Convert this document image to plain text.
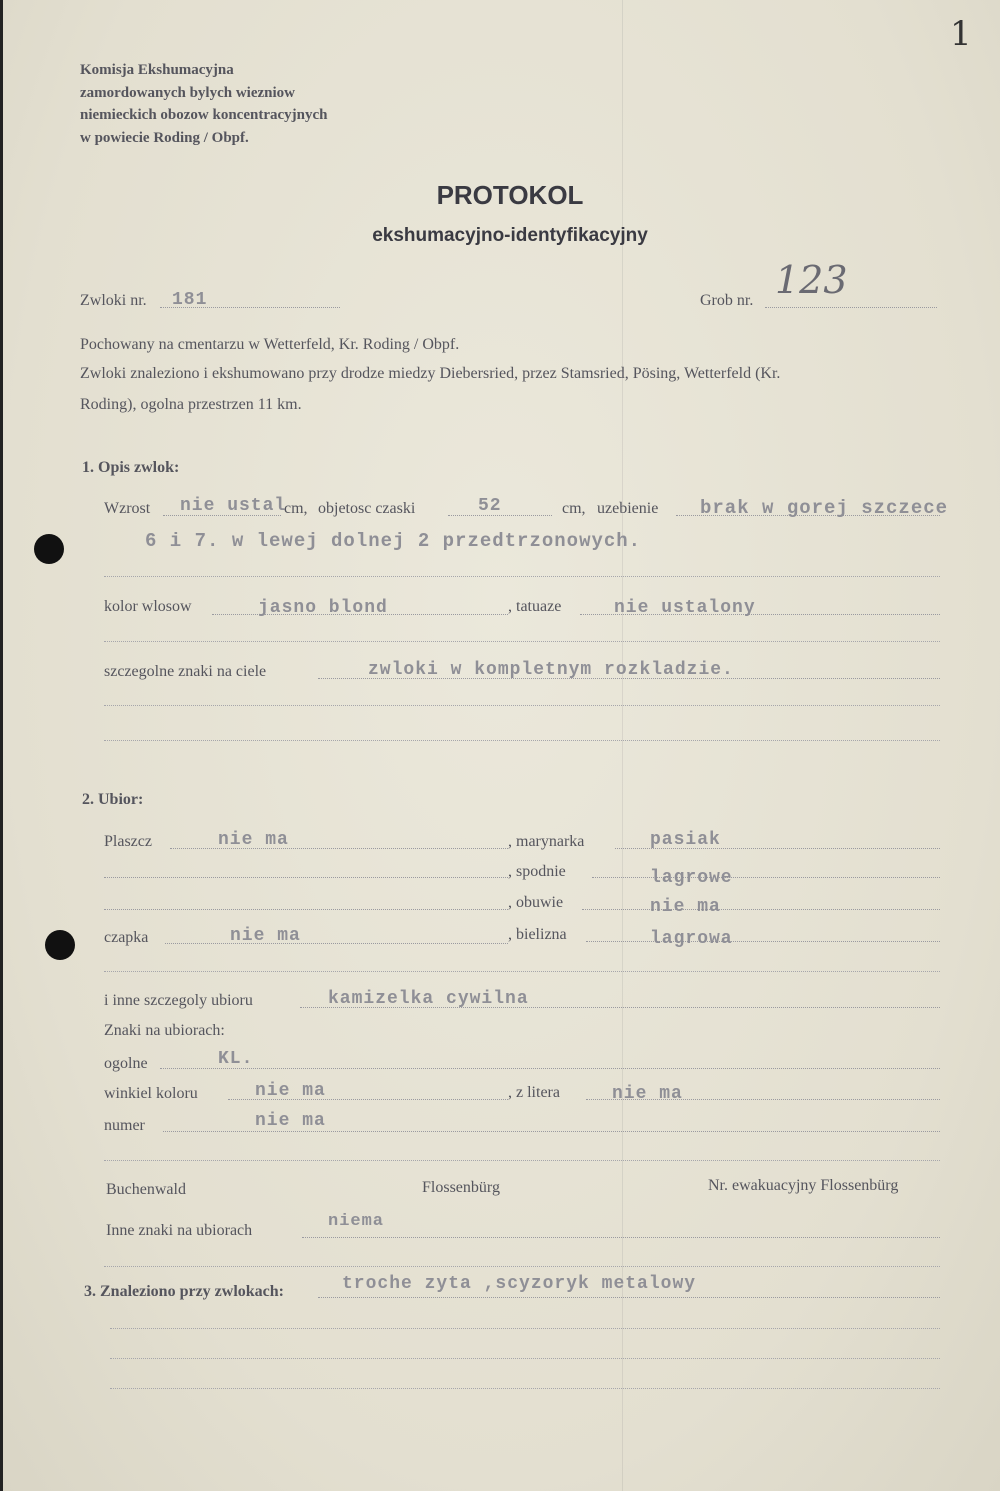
1
Komisja Ekshumacyjna
zamordowanych bylych wiezniow
niemieckich obozow koncentracyjnych
w powiecie Roding / Obpf.
PROTOKOL
ekshumacyjno-identyfikacyjny
Zwloki nr. 181	Grob nr. 123
Pochowany na cmentarzu w Wetterfeld, Kr. Roding / Obpf.
Zwloki znaleziono i ekshumowano przy drodze miedzy Diebersried, przez Stamsried, Pösing, Wetterfeld (Kr.
Roding), ogolna przestrzen 11 km.
1. Opis zwlok:
Wzrost nie ustal
cm, objetosc czaski	52	cm, uzebienie brak w gorej szczece
6 i 7. w lewej dolnej 2 przedtrzonowych.
kolor wlosow	jasno blond	, tatuaze	nie ustalony
szczegolne znaki na ciele	zwloki w kompletnym rozkladzie.
2. Ubior:
Plaszcz	nie ma	, marynarka	pasiak
, spodnie	lagrowe
, obuwie	nie ma
czapka	nie ma	, bielizna	lagrowa
i inne szczegoly ubioru	kamizelka cywilna
Znaki na ubiorach:
ogolne	KL.
winkiel koloru	nie ma	, z litera	nie ma
numer	nie ma
Buchenwald	Flossenbürg	Nr. ewakuacyjny Flossenbürg
Inne znaki na ubiorach	niema
3. Znaleziono przy zwlokach:	troche zyta ,scyzoryk metalowy
